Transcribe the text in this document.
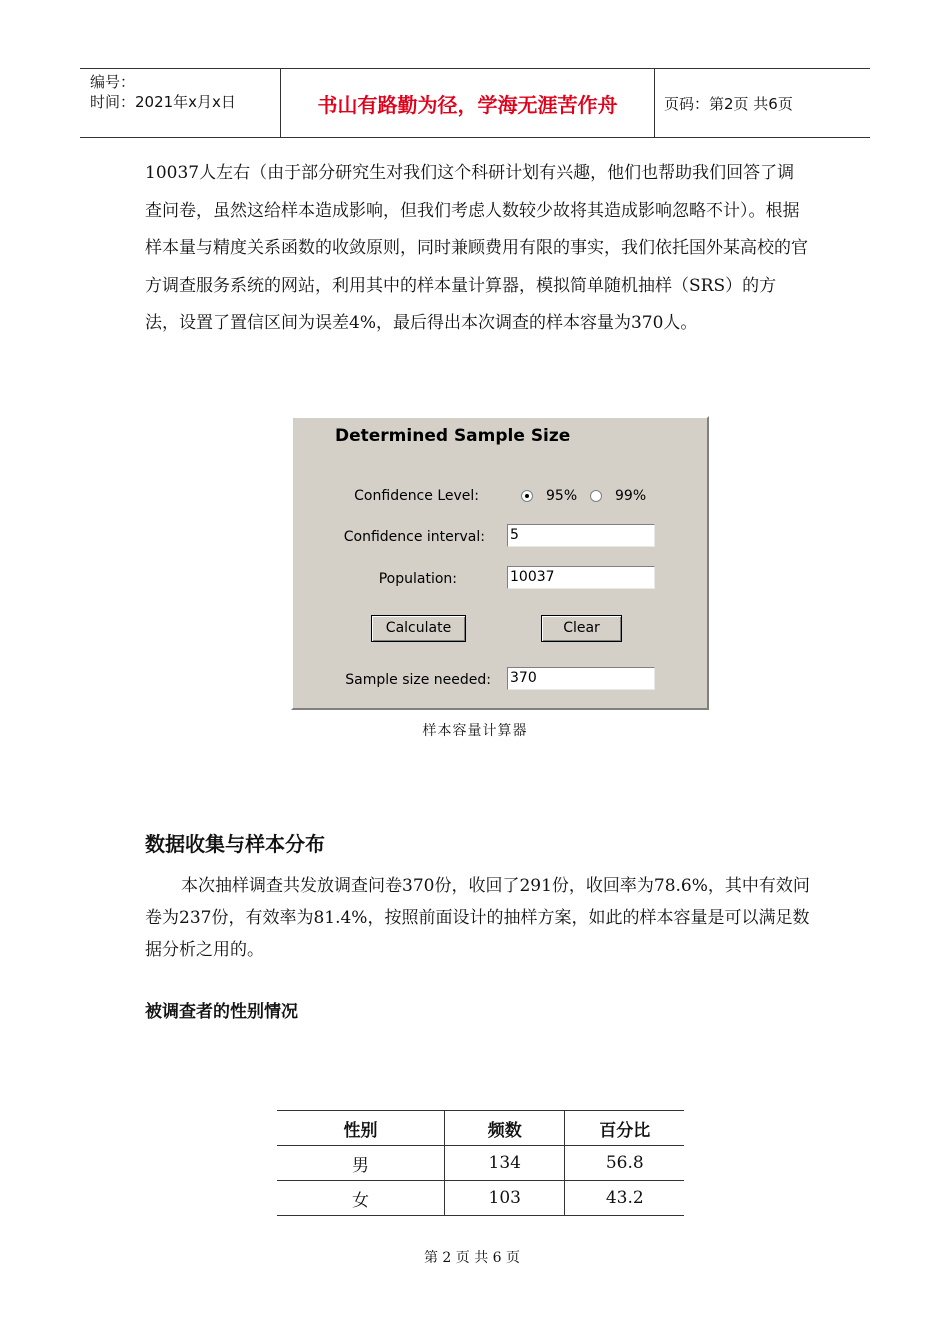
编号：
时间：2021年x月x日	书山有路勤为径，学海无涯苦作舟	页码：第2页 共6页
10037人左右（由于部分研究生对我们这个科研计划有兴趣，他们也帮助我们回答了调查问卷，虽然这给样本造成影响，但我们考虑人数较少故将其造成影响忽略不计）。根据样本量与精度关系函数的收敛原则，同时兼顾费用有限的事实，我们依托国外某高校的官方调查服务系统的网站，利用其中的样本量计算器，模拟简单随机抽样（SRS）的方法，设置了置信区间为误差4%，最后得出本次调查的样本容量为370人。
Determined Sample Size
Confidence Level:	95%	99%
Confidence interval: 5
Population:	10037
Calculate	Clear
Sample size needed: 370
样本容量计算器
数据收集与样本分布
本次抽样调查共发放调查问卷370份，收回了291份，收回率为78.6%，其中有效问卷为237份，有效率为81.4%，按照前面设计的抽样方案，如此的样本容量是可以满足数据分析之用的。
被调查者的性别情况
性别	频数	百分比
男	134	56.8
女	103	43.2
第 2 页 共 6 页
